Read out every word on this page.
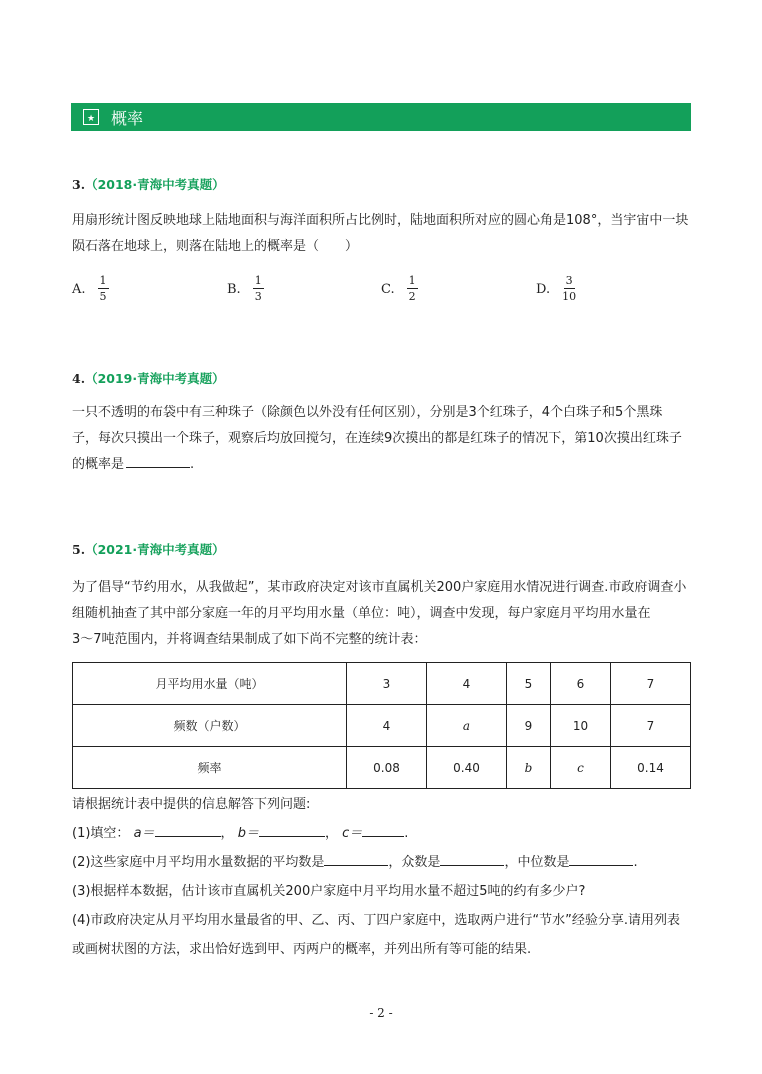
★ 概率
3.（2018·青海中考真题）
用扇形统计图反映地球上陆地面积与海洋面积所占比例时，陆地面积所对应的圆心角是108°，当宇宙中一块
陨石落在地球上，则落在陆地上的概率是（　　）
A. $\frac{1}{5}$	B. $\frac{1}{3}$	C. $\frac{1}{2}$	D. $\frac{3}{10}$
4.（2019·青海中考真题）
一只不透明的布袋中有三种珠子（除颜色以外没有任何区别），分别是3个红珠子，4个白珠子和5个黑珠
子，每次只摸出一个珠子，观察后均放回搅匀，在连续9次摸出的都是红珠子的情况下，第10次摸出红珠子
的概率是	.
5.（2021·青海中考真题）
为了倡导“节约用水，从我做起”，某市政府决定对该市直属机关200户家庭用水情况进行调查.市政府调查小
组随机抽查了其中部分家庭一年的月平均用水量（单位：吨），调查中发现，每户家庭月平均用水量在
3～7吨范围内，并将调查结果制成了如下尚不完整的统计表：
月平均用水量（吨）	3	4	5	6	7
频数（户数）	4	a	9	10	7
频率	0.08	0.40	b	c	0.14
请根据统计表中提供的信息解答下列问题:
(1)填空： a＝	， b＝	， c＝	.
(2)这些家庭中月平均用水量数据的平均数是	，众数是	，中位数是	.
(3)根据样本数据，估计该市直属机关200户家庭中月平均用水量不超过5吨的约有多少户?
(4)市政府决定从月平均用水量最省的甲、乙、丙、丁四户家庭中，选取两户进行“节水”经验分享.请用列表
或画树状图的方法，求出恰好选到甲、丙两户的概率，并列出所有等可能的结果.
- 2 -
